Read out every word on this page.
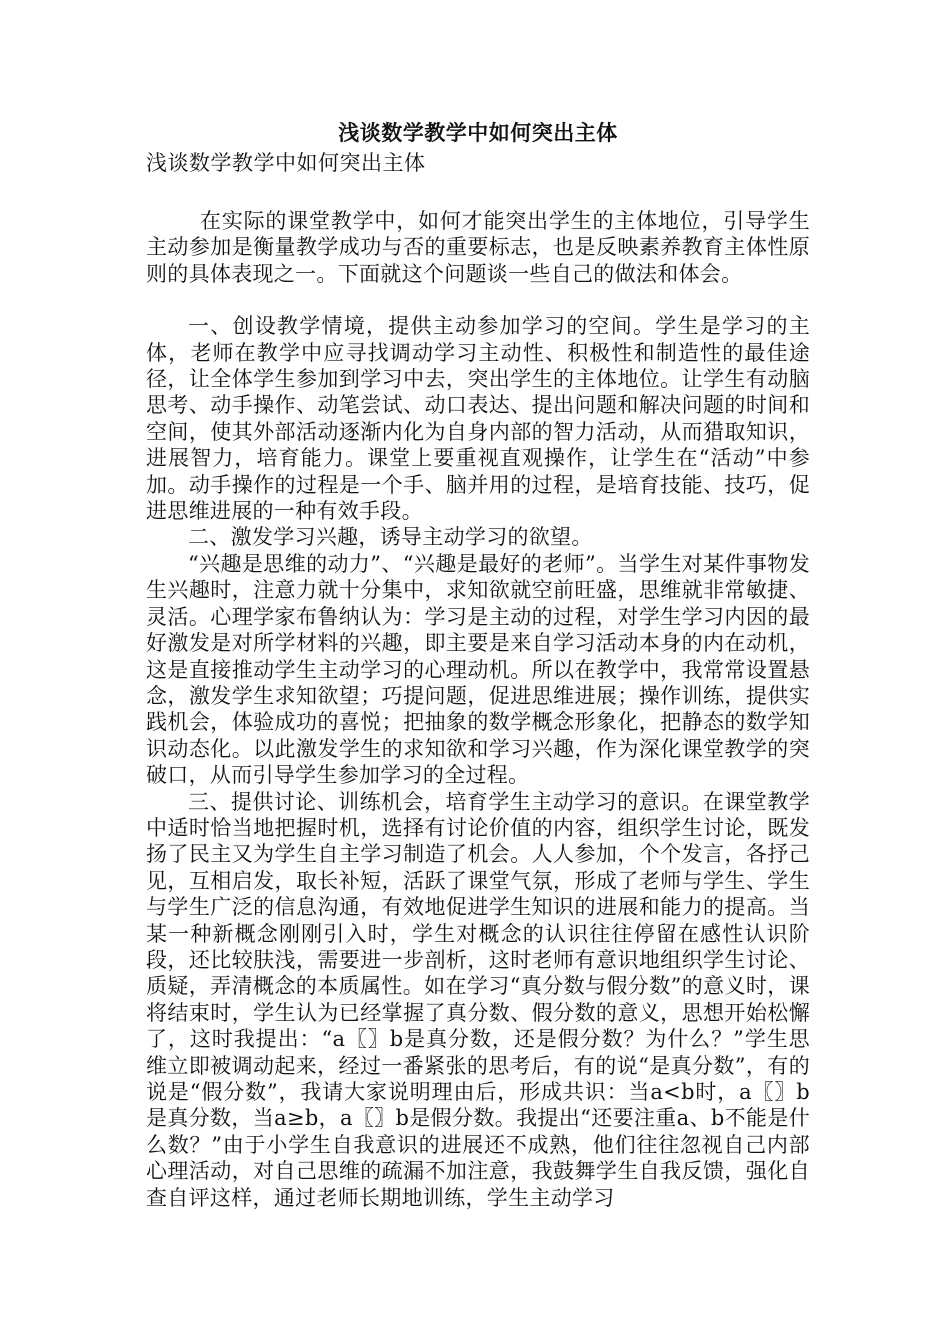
浅谈数学教学中如何突出主体

浅谈数学教学中如何突出主体

在实际的课堂教学中，如何才能突出学生的主体地位，引导学生主动参加是衡量教学成功与否的重要标志，也是反映素养教育主体性原则的具体表现之一。下面就这个问题谈一些自己的做法和体会。

一、创设教学情境，提供主动参加学习的空间。学生是学习的主体，老师在教学中应寻找调动学习主动性、积极性和制造性的最佳途径，让全体学生参加到学习中去，突出学生的主体地位。让学生有动脑思考、动手操作、动笔尝试、动口表达、提出问题和解决问题的时间和空间，使其外部活动逐渐内化为自身内部的智力活动，从而猎取知识，进展智力，培育能力。课堂上要重视直观操作，让学生在“活动”中参加。动手操作的过程是一个手、脑并用的过程，是培育技能、技巧，促进思维进展的一种有效手段。

二、激发学习兴趣，诱导主动学习的欲望。

“兴趣是思维的动力”、“兴趣是最好的老师”。当学生对某件事物发生兴趣时，注意力就十分集中，求知欲就空前旺盛，思维就非常敏捷、灵活。心理学家布鲁纳认为：学习是主动的过程，对学生学习内因的最好激发是对所学材料的兴趣，即主要是来自学习活动本身的内在动机，这是直接推动学生主动学习的心理动机。所以在教学中，我常常设置悬念，激发学生求知欲望；巧提问题，促进思维进展；操作训练，提供实践机会，体验成功的喜悦；把抽象的数学概念形象化，把静态的数学知识动态化。以此激发学生的求知欲和学习兴趣，作为深化课堂教学的突破口，从而引导学生参加学习的全过程。

三、提供讨论、训练机会，培育学生主动学习的意识。在课堂教学中适时恰当地把握时机，选择有讨论价值的内容，组织学生讨论，既发扬了民主又为学生自主学习制造了机会。人人参加，个个发言，各抒己见，互相启发，取长补短，活跃了课堂气氛，形成了老师与学生、学生与学生广泛的信息沟通，有效地促进学生知识的进展和能力的提高。当某一种新概念刚刚引入时，学生对概念的认识往往停留在感性认识阶段，还比较肤浅，需要进一步剖析，这时老师有意识地组织学生讨论、质疑，弄清概念的本质属性。如在学习“真分数与假分数”的意义时，课将结束时，学生认为已经掌握了真分数、假分数的意义，思想开始松懈了，这时我提出：“a〖〗b是真分数，还是假分数？为什么？”学生思维立即被调动起来，经过一番紧张的思考后，有的说“是真分数”，有的说是“假分数”，我请大家说明理由后，形成共识：当a<b时，a〖〗b是真分数，当a≥b，a〖〗b是假分数。我提出“还要注重a、b不能是什么数？”由于小学生自我意识的进展还不成熟，他们往往忽视自己内部心理活动，对自己思维的疏漏不加注意，我鼓舞学生自我反馈，强化自查自评这样，通过老师长期地训练，学生主动学习
